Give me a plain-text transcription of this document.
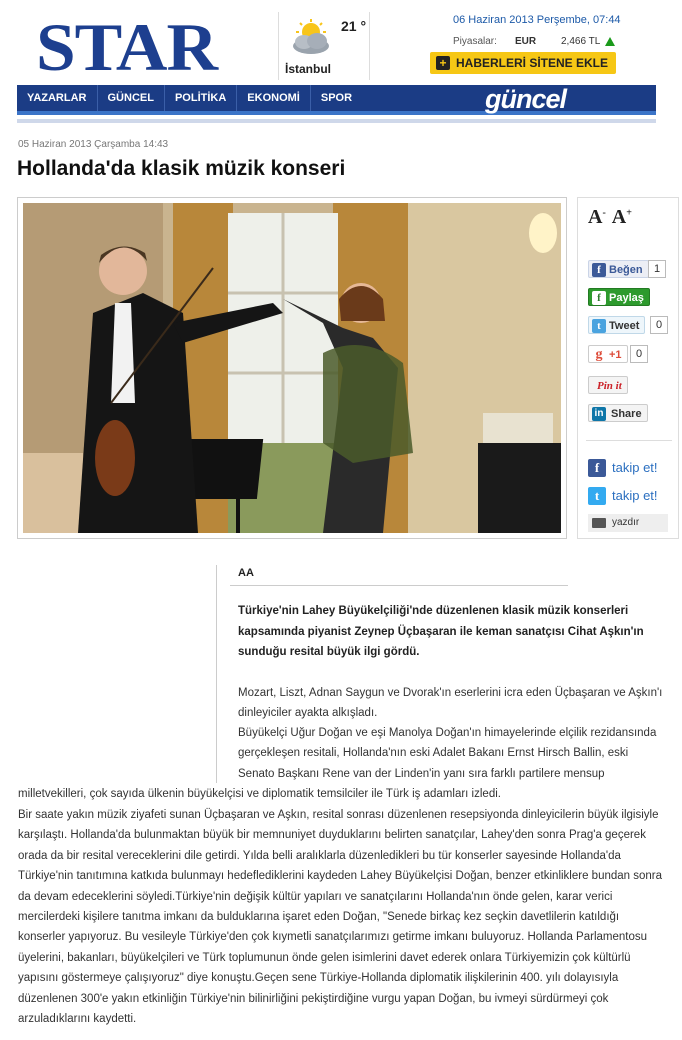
STAR	21 °
İstanbul
06 Haziran 2013 Perşembe, 07:44
Piyasalar: EUR 2,466 TL
+ HABERLERİ SİTENE EKLE
YAZARLAR GÜNCEL POLİTİKA EKONOMİ SPOR	güncel
05 Haziran 2013 Çarşamba 14:43
Hollanda'da klasik müzik konseri
A- A+
f Beğen	1
f Paylaş
t Tweet	0
g +1	0
Pin it
in Share
f takip et!
t takip et!
yazdır
AA

Türkiye'nin Lahey Büyükelçiliği'nde düzenlenen klasik müzik konserleri kapsamında piyanist Zeynep Üçbaşaran ile keman sanatçısı Cihat Aşkın'ın sunduğu resital büyük ilgi gördü.

Mozart, Liszt, Adnan Saygun ve Dvorak'ın eserlerini icra eden Üçbaşaran ve Aşkın'ı dinleyiciler ayakta alkışladı.

Büyükelçi Uğur Doğan ve eşi Manolya Doğan'ın himayelerinde elçilik rezidansında gerçekleşen resitali, Hollanda'nın eski Adalet Bakanı Ernst Hirsch Ballin, eski Senato Başkanı Rene van der Linden'in yanı sıra farklı partilere mensup milletvekilleri, çok sayıda ülkenin büyükelçisi ve diplomatik temsilciler ile Türk iş adamları izledi.

Bir saate yakın müzik ziyafeti sunan Üçbaşaran ve Aşkın, resital sonrası düzenlenen resepsiyonda dinleyicilerin büyük ilgisiyle karşılaştı. Hollanda'da bulunmaktan büyük bir memnuniyet duyduklarını belirten sanatçılar, Lahey'den sonra Prag'a geçerek orada da bir resital vereceklerini dile getirdi. Yılda belli aralıklarla düzenledikleri bu tür konserler sayesinde Hollanda'da Türkiye'nin tanıtımına katkıda bulunmayı hedeflediklerini kaydeden Lahey Büyükelçisi Doğan, benzer etkinliklere bundan sonra da devam edeceklerini söyledi.Türkiye'nin değişik kültür yapıları ve sanatçılarını Hollanda'nın önde gelen, karar verici mercilerdeki kişilere tanıtma imkanı da bulduklarına işaret eden Doğan, "Senede birkaç kez seçkin davetlilerin katıldığı konserler yapıyoruz. Bu vesileyle Türkiye'den çok kıymetli sanatçılarımızı getirme imkanı buluyoruz. Hollanda Parlamentosu üyelerini, bakanları, büyükelçileri ve Türk toplumunun önde gelen isimlerini davet ederek onlara Türkiyemizin çok kültürlü yapısını göstermeye çalışıyoruz" diye konuştu.Geçen sene Türkiye-Hollanda diplomatik ilişkilerinin 400. yılı dolayısıyla düzenlenen 300'e yakın etkinliğin Türkiye'nin bilinirliğini pekiştirdiğine vurgu yapan Doğan, bu ivmeyi sürdürmeyi çok arzuladıklarını kaydetti.
